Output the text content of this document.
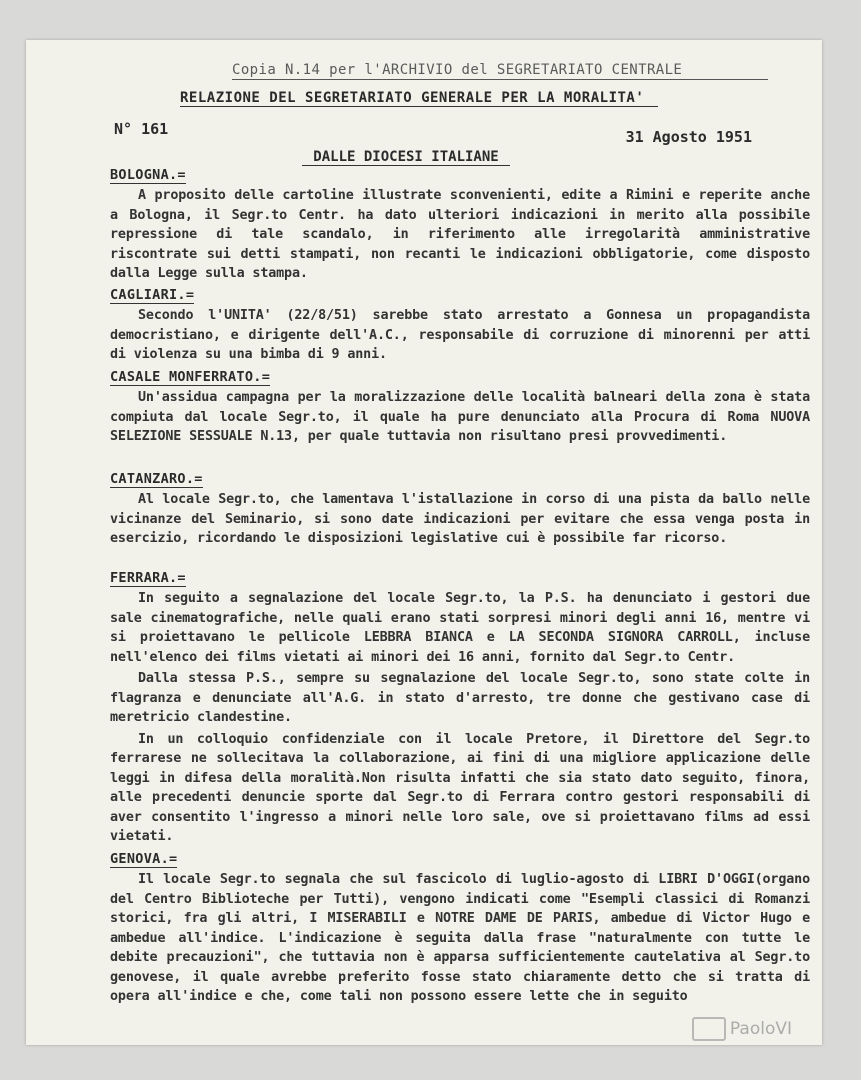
Copia N.14 per l'ARCHIVIO del SEGRETARIATO CENTRALE
RELAZIONE DEL SEGRETARIATO GENERALE PER LA MORALITA'
N° 161	31 Agosto 1951
DALLE DIOCESI ITALIANE
BOLOGNA.=

A proposito delle cartoline illustrate sconvenienti, edite a Rimini e reperite anche a Bologna, il Segr.to Centr. ha dato ulteriori indicazioni in merito alla possibile repressione di tale scandalo, in riferimento alle irregolarità amministrative riscontrate sui detti stampati, non recanti le indicazioni obbligatorie, come disposto dalla Legge sulla stampa.

CAGLIARI.=

Secondo l'UNITA' (22/8/51) sarebbe stato arrestato a Gonnesa un propagandista democristiano, e dirigente dell'A.C., responsabile di corruzione di minorenni per atti di violenza su una bimba di 9 anni.

CASALE MONFERRATO.=

Un'assidua campagna per la moralizzazione delle località balneari della zona è stata compiuta dal locale Segr.to, il quale ha pure denunciato alla Procura di Roma NUOVA SELEZIONE SESSUALE N.13, per quale tuttavia non risultano presi provvedimenti.

CATANZARO.=

Al locale Segr.to, che lamentava l'istallazione in corso di una pista da ballo nelle vicinanze del Seminario, si sono date indicazioni per evitare che essa venga posta in esercizio, ricordando le disposizioni legislative cui è possibile far ricorso.

FERRARA.=

In seguito a segnalazione del locale Segr.to, la P.S. ha denunciato i gestori due sale cinematografiche, nelle quali erano stati sorpresi minori degli anni 16, mentre vi si proiettavano le pellicole LEBBRA BIANCA e LA SECONDA SIGNORA CARROLL, incluse nell'elenco dei films vietati ai minori dei 16 anni, fornito dal Segr.to Centr.

Dalla stessa P.S., sempre su segnalazione del locale Segr.to, sono state colte in flagranza e denunciate all'A.G. in stato d'arresto, tre donne che gestivano case di meretricio clandestine.

In un colloquio confidenziale con il locale Pretore, il Direttore del Segr.to ferrarese ne sollecitava la collaborazione, ai fini di una migliore applicazione delle leggi in difesa della moralità.Non risulta infatti che sia stato dato seguito, finora, alle precedenti denuncie sporte dal Segr.to di Ferrara contro gestori responsabili di aver consentito l'ingresso a minori nelle loro sale, ove si proiettavano films ad essi vietati.

GENOVA.=

Il locale Segr.to segnala che sul fascicolo di luglio-agosto di LIBRI D'OGGI(organo del Centro Biblioteche per Tutti), vengono indicati come "Esempli classici di Romanzi storici, fra gli altri, I MISERABILI e NOTRE DAME DE PARIS, ambedue di Victor Hugo e ambedue all'indice. L'indicazione è seguita dalla frase "naturalmente con tutte le debite precauzioni", che tuttavia non è apparsa sufficientemente cautelativa al Segr.to genovese, il quale avrebbe preferito fosse stato chiaramente detto che si tratta di opera all'indice e che, come tali non possono essere lette che in seguito

PaoloVI
